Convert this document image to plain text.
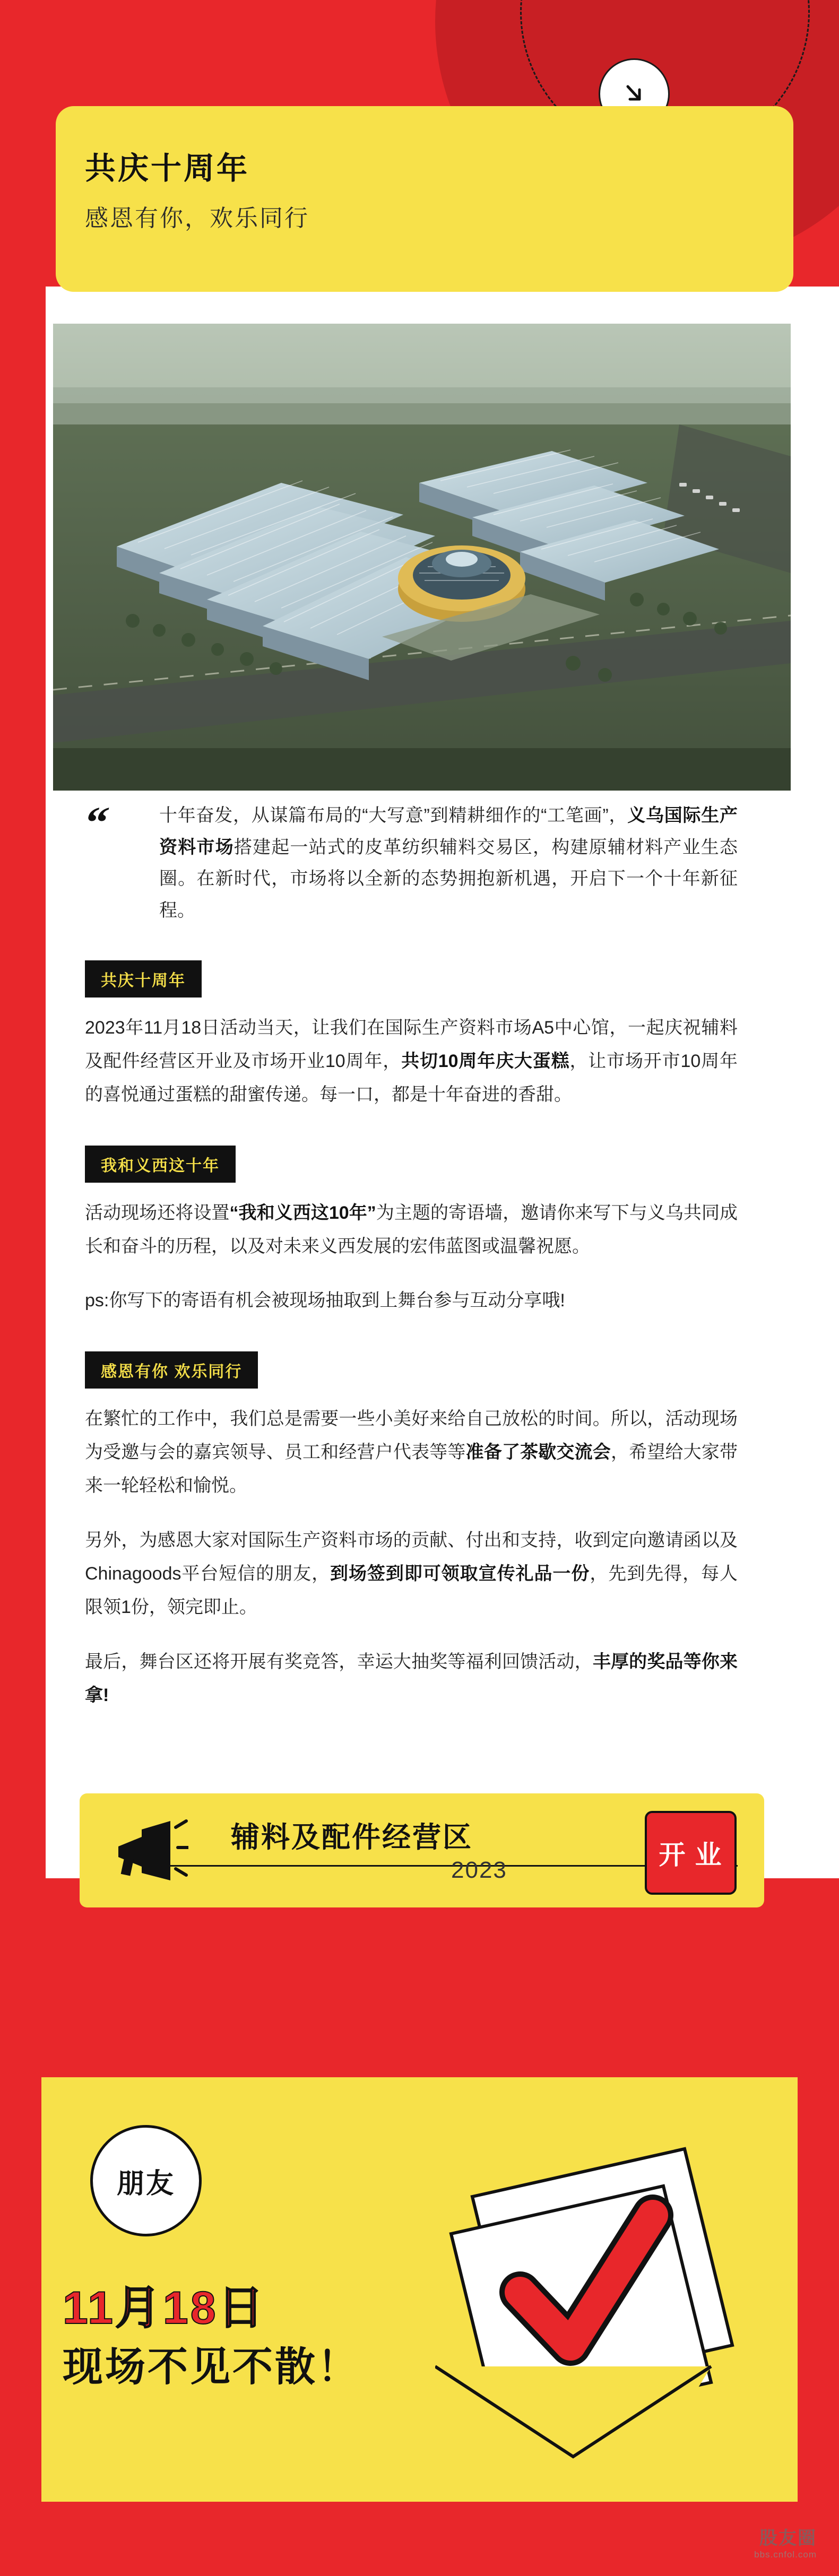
共庆十周年
感恩有你，欢乐同行
“	十年奋发，从谋篇布局的“大写意”到精耕细作的“工笔画”，义乌国际生产资料市场搭建起一站式的皮革纺织辅料交易区，构建原辅材料产业生态圈。在新时代，市场将以全新的态势拥抱新机遇，开启下一个十年新征程。

共庆十周年

2023年11月18日活动当天，让我们在国际生产资料市场A5中心馆，一起庆祝辅料及配件经营区开业及市场开业10周年，共切10周年庆大蛋糕，让市场开市10周年的喜悦通过蛋糕的甜蜜传递。每一口，都是十年奋进的香甜。

我和义西这十年

活动现场还将设置“我和义西这10年”为主题的寄语墙，邀请你来写下与义乌共同成长和奋斗的历程，以及对未来义西发展的宏伟蓝图或温馨祝愿。

ps:你写下的寄语有机会被现场抽取到上舞台参与互动分享哦!

感恩有你 欢乐同行

在繁忙的工作中，我们总是需要一些小美好来给自己放松的时间。所以，活动现场为受邀与会的嘉宾领导、员工和经营户代表等等准备了茶歇交流会，希望给大家带来一轮轻松和愉悦。

另外，为感恩大家对国际生产资料市场的贡献、付出和支持，收到定向邀请函以及Chinagoods平台短信的朋友，到场签到即可领取宣传礼品一份，先到先得，每人限领1份，领完即止。

最后，舞台区还将开展有奖竞答，幸运大抽奖等福利回馈活动，丰厚的奖品等你来拿!

辅料及配件经营区
2023
开 业
朋友
11月18日
现场不见不散！
股友圈
bbs.cnfol.com
